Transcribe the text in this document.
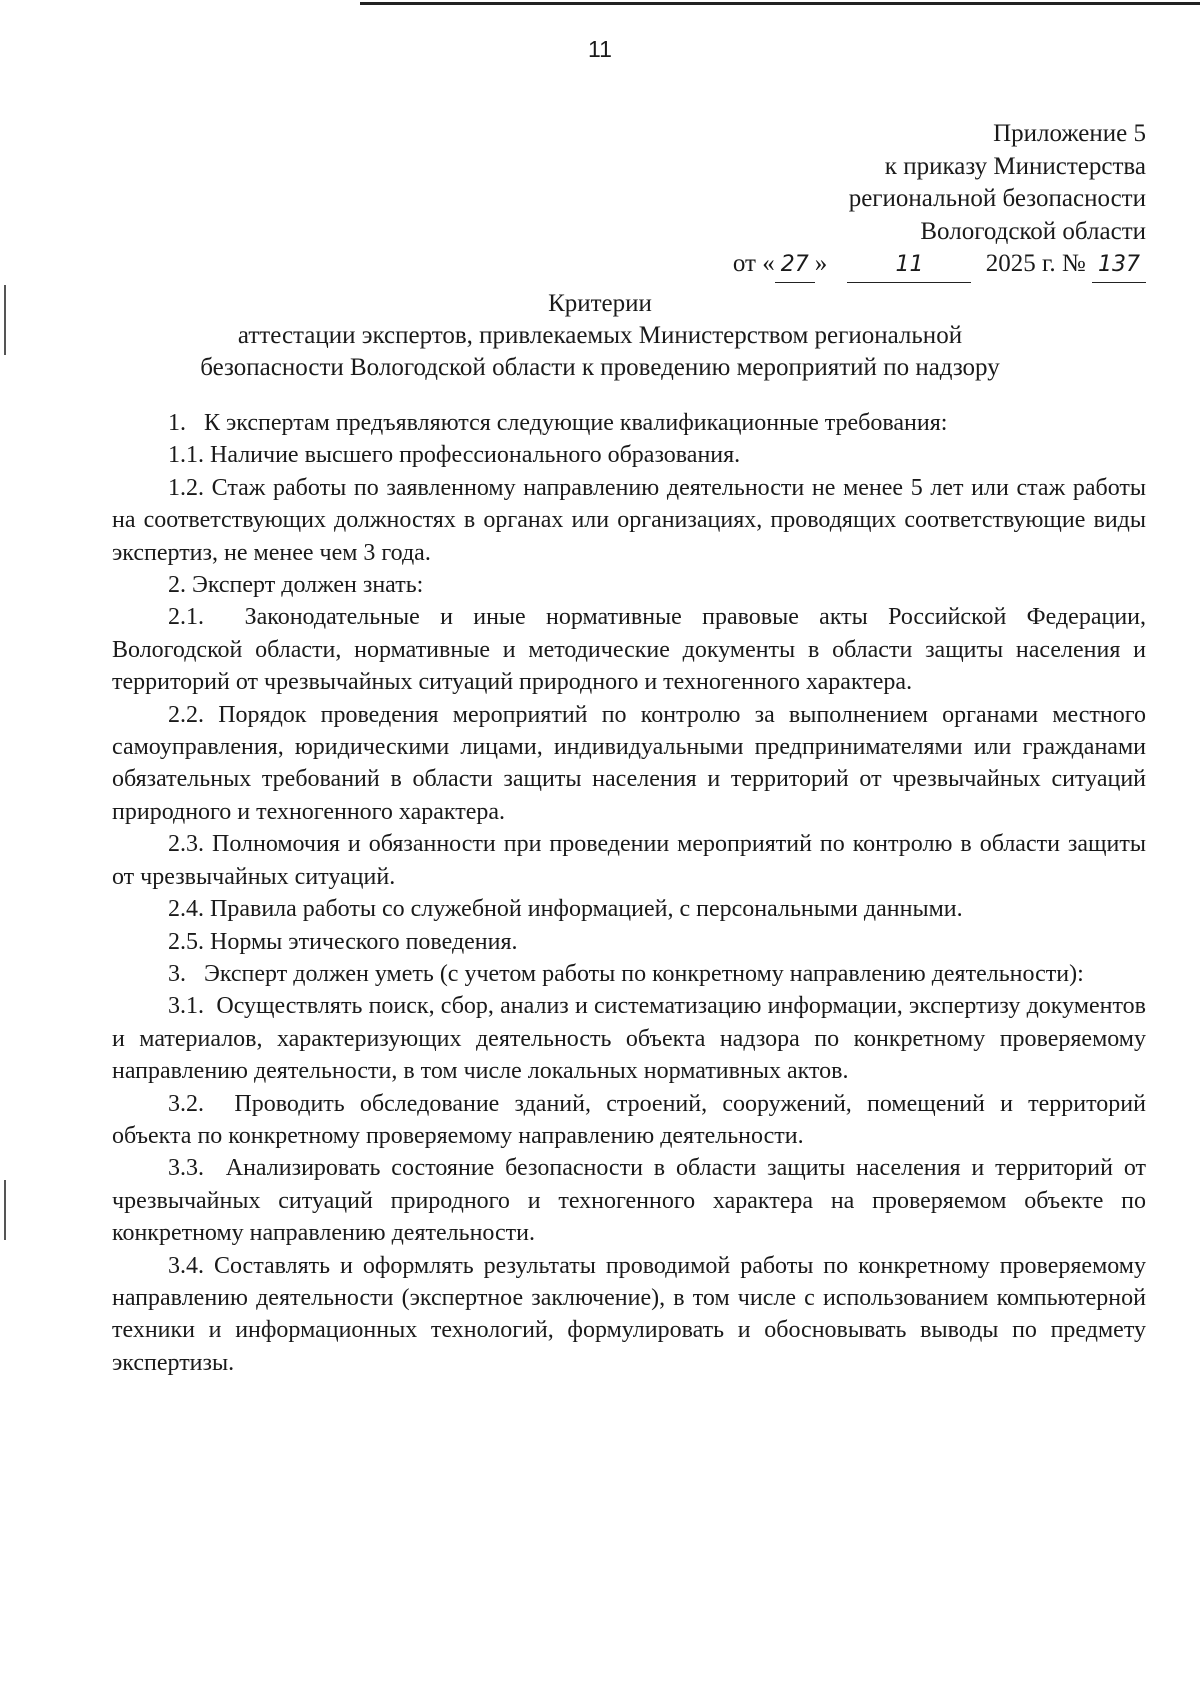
11
Приложение 5
к приказу Министерства
региональной безопасности
Вологодской области
от « 27 »	11 2025 г. № 137
Критерии
аттестации экспертов, привлекаемых Министерством региональной
безопасности Вологодской области к проведению мероприятий по надзору

1.   К экспертам предъявляются следующие квалификационные требования:

1.1. Наличие высшего профессионального образования.

1.2. Стаж работы по заявленному направлению деятельности не менее 5 лет или стаж работы на соответствующих должностях в органах или организациях, проводящих соответствующие виды экспертиз, не менее чем 3 года.

2. Эксперт должен знать:

2.1.  Законодательные и иные нормативные правовые акты Российской Федерации, Вологодской области, нормативные и методические документы в области защиты населения и территорий от чрезвычайных ситуаций природного и техногенного характера.

2.2. Порядок проведения мероприятий по контролю за выполнением органами местного самоуправления, юридическими лицами, индивидуальными предпринимателями или гражданами обязательных требований в области защиты населения и территорий от чрезвычайных ситуаций природного и техногенного характера.

2.3. Полномочия и обязанности при проведении мероприятий по контролю в области защиты от чрезвычайных ситуаций.

2.4. Правила работы со служебной информацией, с персональными данными.

2.5. Нормы этического поведения.

3.   Эксперт должен уметь (с учетом работы по конкретному направлению деятельности):

3.1.  Осуществлять поиск, сбор, анализ и систематизацию информации, экспертизу документов и материалов, характеризующих деятельность объекта надзора по конкретному проверяемому направлению деятельности, в том числе локальных нормативных актов.

3.2.  Проводить обследование зданий, строений, сооружений, помещений и территорий объекта по конкретному проверяемому направлению деятельности.

3.3.  Анализировать состояние безопасности в области защиты населения и территорий от чрезвычайных ситуаций природного и техногенного характера на проверяемом объекте по конкретному направлению деятельности.

3.4. Составлять и оформлять результаты проводимой работы по конкретному проверяемому направлению деятельности (экспертное заключение), в том числе с использованием компьютерной техники и информационных технологий, формулировать и обосновывать выводы по предмету экспертизы.
